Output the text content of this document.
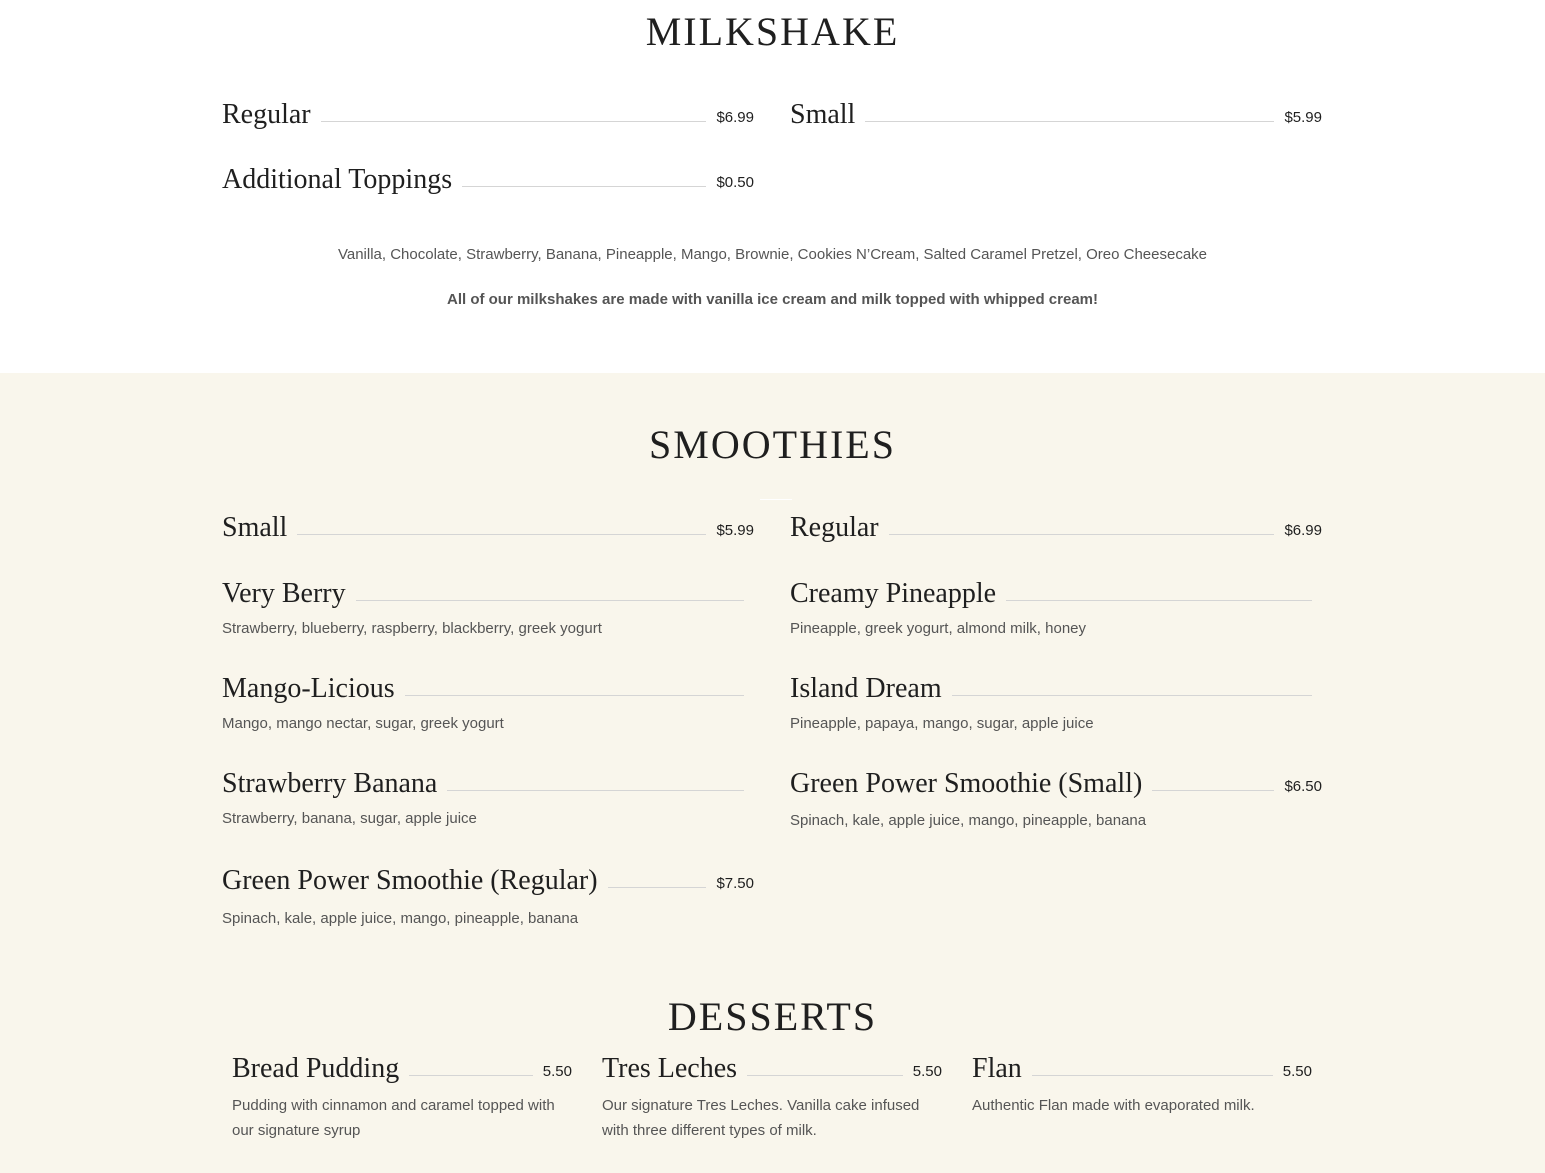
MILKSHAKE
Regular	$6.99 Small	$5.99
Additional Toppings	$0.50
Vanilla, Chocolate, Strawberry, Banana, Pineapple, Mango, Brownie, Cookies N’Cream, Salted Caramel Pretzel, Oreo Cheesecake
All of our milkshakes are made with vanilla ice cream and milk topped with whipped cream!
SMOOTHIES
Small	$5.99 Regular	$6.99
Very Berry
Strawberry, blueberry, raspberry, blackberry, greek yogurt
Creamy Pineapple
Pineapple, greek yogurt, almond milk, honey
Mango-Licious
Mango, mango nectar, sugar, greek yogurt
Island Dream
Pineapple, papaya, mango, sugar, apple juice
Strawberry Banana
Strawberry, banana, sugar, apple juice
Green Power Smoothie (Small)	$6.50
Spinach, kale, apple juice, mango, pineapple, banana
Green Power Smoothie (Regular)	$7.50
Spinach, kale, apple juice, mango, pineapple, banana
DESSERTS
Bread Pudding	5.50
Pudding with cinnamon and caramel topped with our signature syrup
Tres Leches	5.50
Our signature Tres Leches. Vanilla cake infused with three different types of milk.
Flan	5.50
Authentic Flan made with evaporated milk.
